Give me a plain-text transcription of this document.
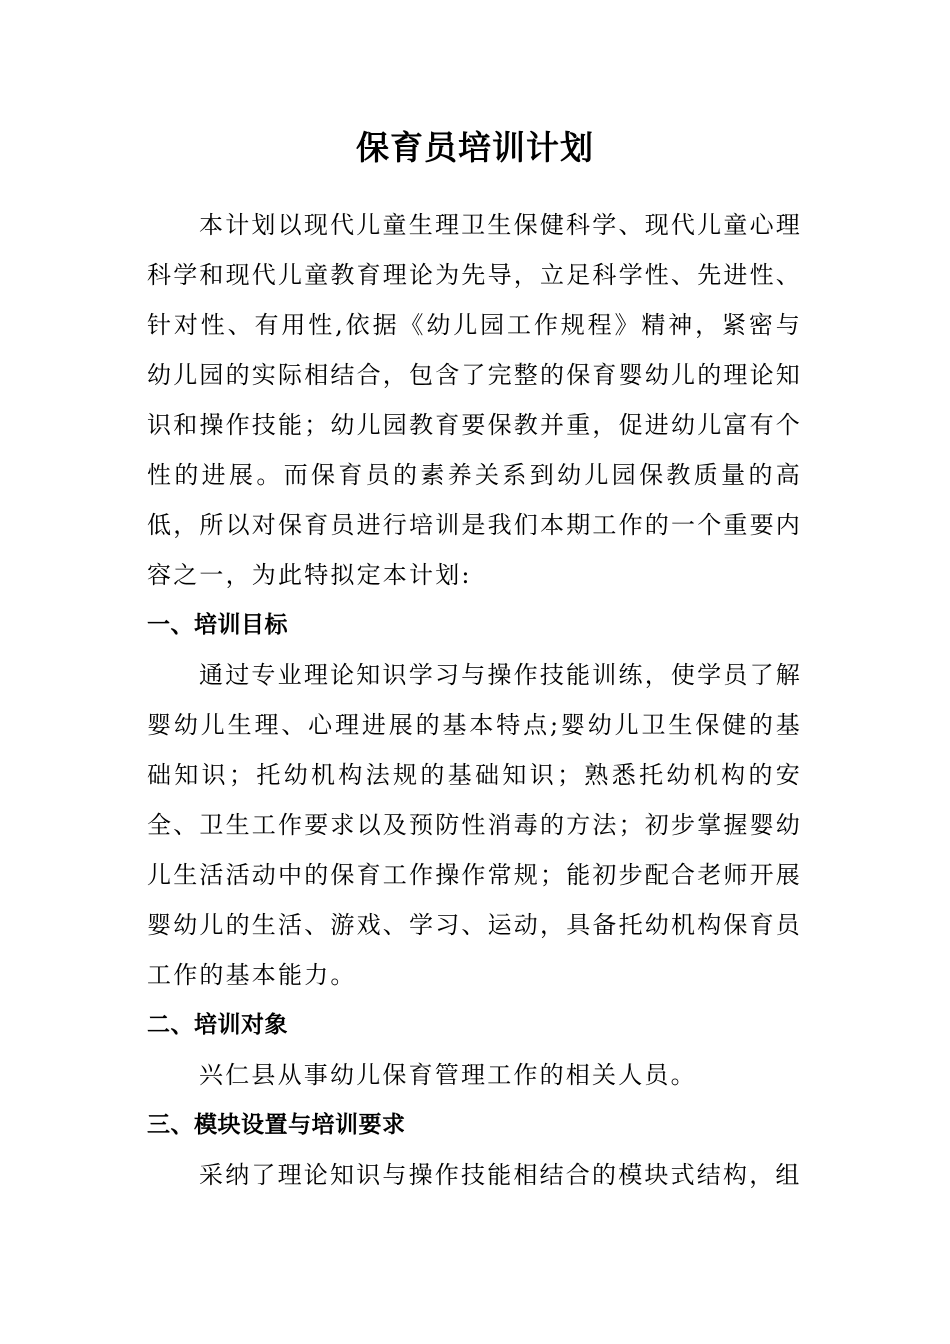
保育员培训计划

本计划以现代儿童生理卫生保健科学、现代儿童心理科学和现代儿童教育理论为先导，立足科学性、先进性、针对性、有用性,依据《幼儿园工作规程》精神，紧密与幼儿园的实际相结合，包含了完整的保育婴幼儿的理论知识和操作技能；幼儿园教育要保教并重，促进幼儿富有个性的进展。而保育员的素养关系到幼儿园保教质量的高低，所以对保育员进行培训是我们本期工作的一个重要内容之一，为此特拟定本计划:

一、培训目标

通过专业理论知识学习与操作技能训练，使学员了解婴幼儿生理、心理进展的基本特点;婴幼儿卫生保健的基础知识；托幼机构法规的基础知识；熟悉托幼机构的安全、卫生工作要求以及预防性消毒的方法；初步掌握婴幼儿生活活动中的保育工作操作常规；能初步配合老师开展婴幼儿的生活、游戏、学习、运动，具备托幼机构保育员工作的基本能力。

二、培训对象

兴仁县从事幼儿保育管理工作的相关人员。

三、模块设置与培训要求

采纳了理论知识与操作技能相结合的模块式结构，组
